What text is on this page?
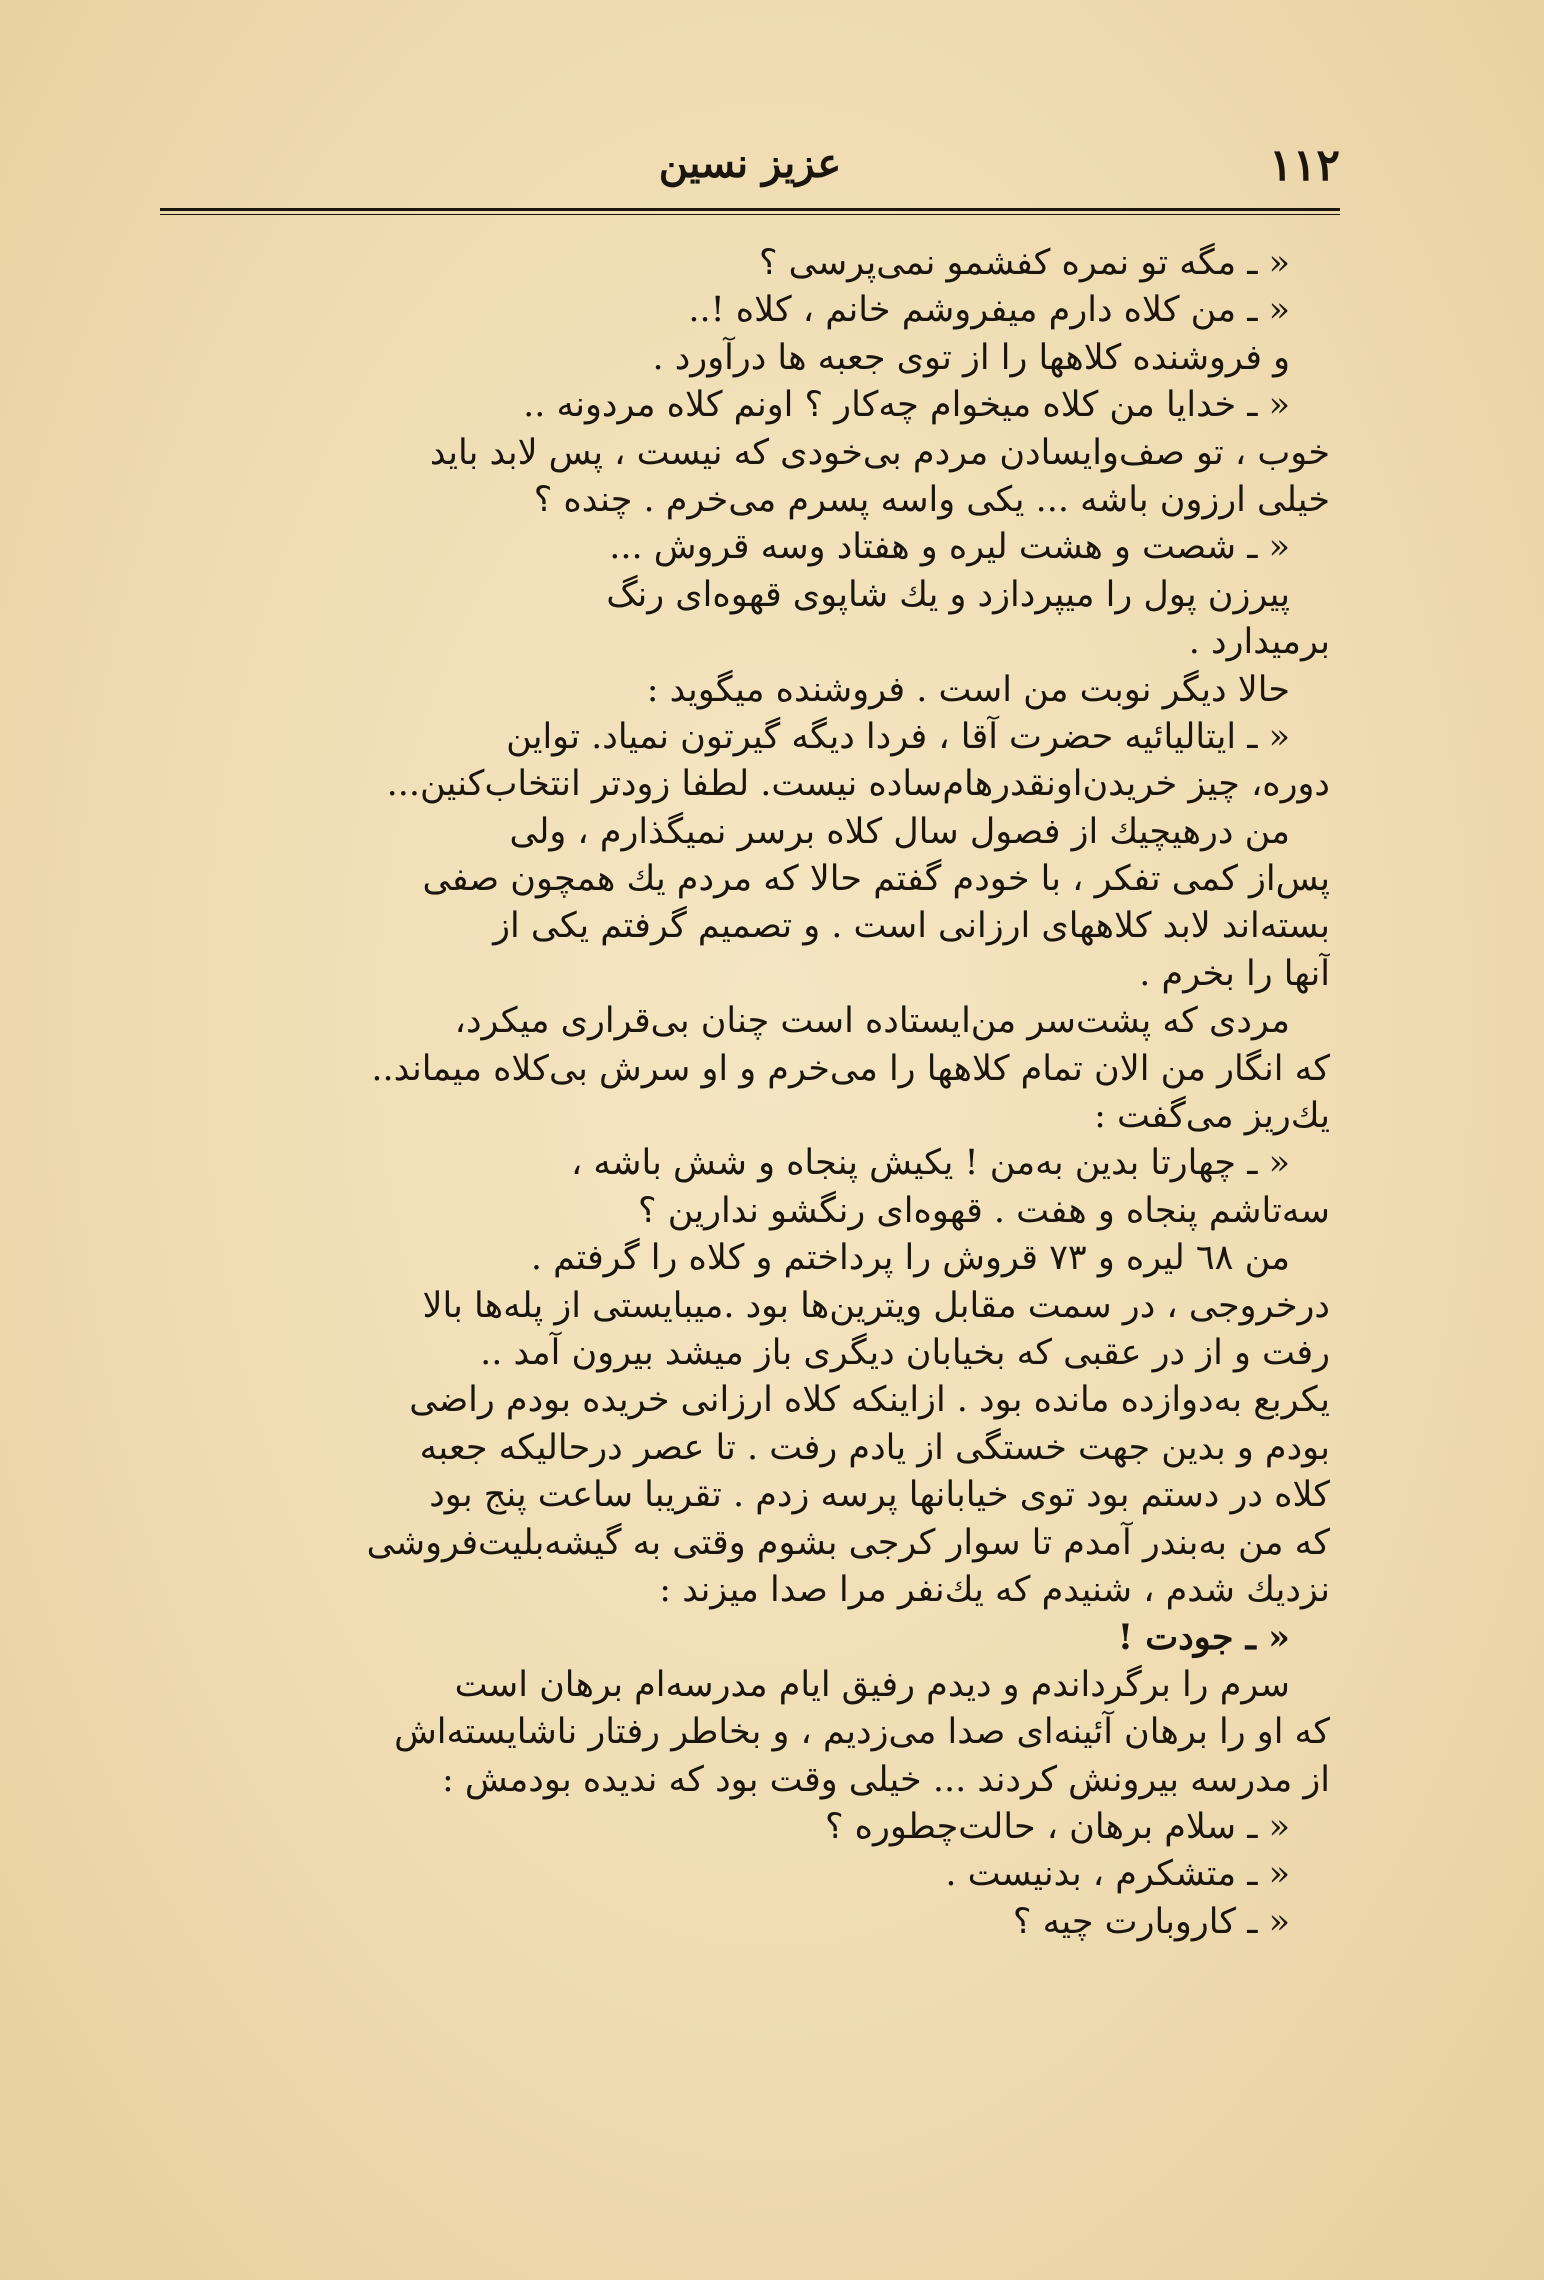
۱۱۲
عزیز نسین
« ـ مگه تو نمره کفشمو نمی‌پرسی ؟
« ـ من کلاه دارم میفروشم خانم ، کلاه !..
و فروشنده کلاهها را از توی جعبه ها درآورد .
« ـ خدایا من کلاه میخوام چه‌کار ؟ اونم کلاه مردونه ..
خوب ، تو صف‌وایسادن مردم بی‌خودی که نیست ، پس لابد باید
خیلی ارزون باشه ... یکی واسه پسرم می‌خرم . چنده ؟
« ـ شصت و هشت لیره و هفتاد وسه قروش ...
پیرزن پول را میپردازد و یك شاپوی قهوه‌ای رنگ
برمیدارد .
حالا دیگر نوبت من است . فروشنده میگوید :
« ـ ایتالیائیه حضرت آقا ، فردا دیگه گیرتون نمیاد. تواین
دوره، چیز خریدن‌اونقدرهام‌ساده نیست. لطفا زودتر انتخاب‌کنین...
من درهیچیك از فصول سال کلاه برسر نمیگذارم ، ولی
پس‌از کمی تفکر ، با خودم گفتم حالا که مردم یك همچون صفی
بسته‌اند لابد کلاههای ارزانی است . و تصمیم گرفتم یکی از
آنها را بخرم .
مردی که پشت‌سر من‌ایستاده است چنان بی‌قراری میکرد،
که انگار من الان تمام کلاهها را می‌خرم و او سرش بی‌کلاه میماند..
یك‌ریز می‌گفت :
« ـ چهارتا بدین به‌من ! یکیش پنجاه و شش باشه ،
سه‌تاشم پنجاه و هفت . قهوه‌ای رنگشو ندارین ؟
من ٦٨ لیره و ٧٣ قروش را پرداختم و کلاه را گرفتم .
درخروجی ، در سمت مقابل ویترین‌ها بود .میبایستی از پله‌ها بالا
رفت و از در عقبی که بخیابان دیگری باز میشد بیرون آمد ..
یکربع به‌دوازده مانده بود . ازاینکه کلاه ارزانی خریده بودم راضی
بودم و بدین جهت خستگی از یادم رفت . تا عصر درحالیکه جعبه
کلاه در دستم بود توی خیابانها پرسه زدم . تقریبا ساعت پنج بود
که من به‌بندر آمدم تا سوار کرجی بشوم وقتی به گیشه‌بلیت‌فروشی
نزدیك شدم ، شنیدم که یك‌نفر مرا صدا میزند :
« ـ جودت !
سرم را برگرداندم و دیدم رفیق ایام مدرسه‌ام برهان است
که او را برهان آئینه‌ای صدا می‌زدیم ، و بخاطر رفتار ناشایسته‌اش
از مدرسه بیرونش کردند ... خیلی وقت بود که ندیده بودمش :
« ـ سلام برهان ، حالت‌چطوره ؟
« ـ متشکرم ، بدنیست .
« ـ کاروبارت چیه ؟
